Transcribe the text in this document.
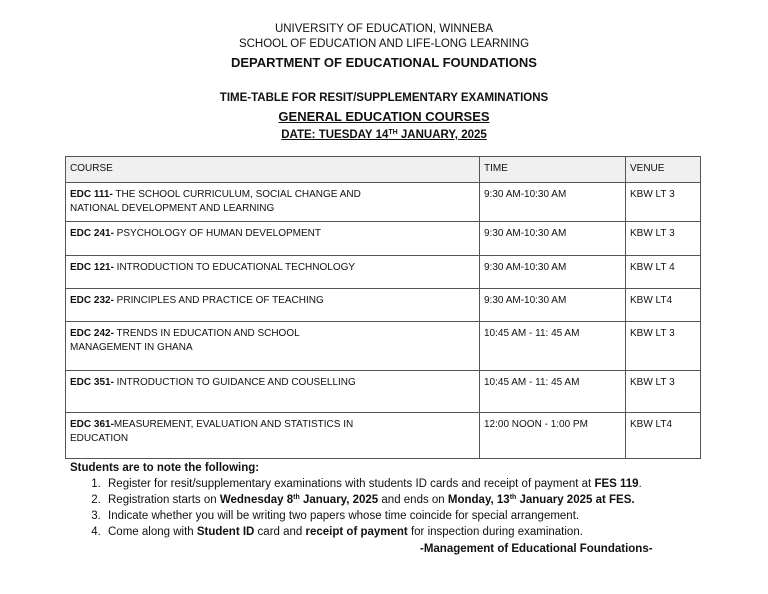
UNIVERSITY OF EDUCATION, WINNEBA
SCHOOL OF EDUCATION AND LIFE-LONG LEARNING
DEPARTMENT OF EDUCATIONAL FOUNDATIONS
TIME-TABLE FOR RESIT/SUPPLEMENTARY EXAMINATIONS
GENERAL EDUCATION COURSES
DATE: TUESDAY 14TH JANUARY, 2025
COURSE	TIME	VENUE
EDC 111- THE SCHOOL CURRICULUM, SOCIAL CHANGE AND
NATIONAL DEVELOPMENT AND LEARNING	9:30 AM-10:30 AM	KBW LT 3
EDC 241- PSYCHOLOGY OF HUMAN DEVELOPMENT	9:30 AM-10:30 AM	KBW LT 3
EDC 121- INTRODUCTION TO EDUCATIONAL TECHNOLOGY	9:30 AM-10:30 AM	KBW LT 4
EDC 232- PRINCIPLES AND PRACTICE OF TEACHING	9:30 AM-10:30 AM	KBW LT4
EDC 242- TRENDS IN EDUCATION AND SCHOOL
MANAGEMENT IN GHANA	10:45 AM - 11: 45 AM	KBW LT 3
EDC 351- INTRODUCTION TO GUIDANCE AND COUSELLING	10:45 AM - 11: 45 AM	KBW LT 3
EDC 361-MEASUREMENT, EVALUATION AND STATISTICS IN
EDUCATION	12:00 NOON - 1:00 PM	KBW LT4
Students are to note the following:
1. Register for resit/supplementary examinations with students ID cards and receipt of payment at FES 119.
2. Registration starts on Wednesday 8th January, 2025 and ends on Monday, 13th January 2025 at FES.
3. Indicate whether you will be writing two papers whose time coincide for special arrangement.
4. Come along with Student ID card and receipt of payment for inspection during examination.
-Management of Educational Foundations-
